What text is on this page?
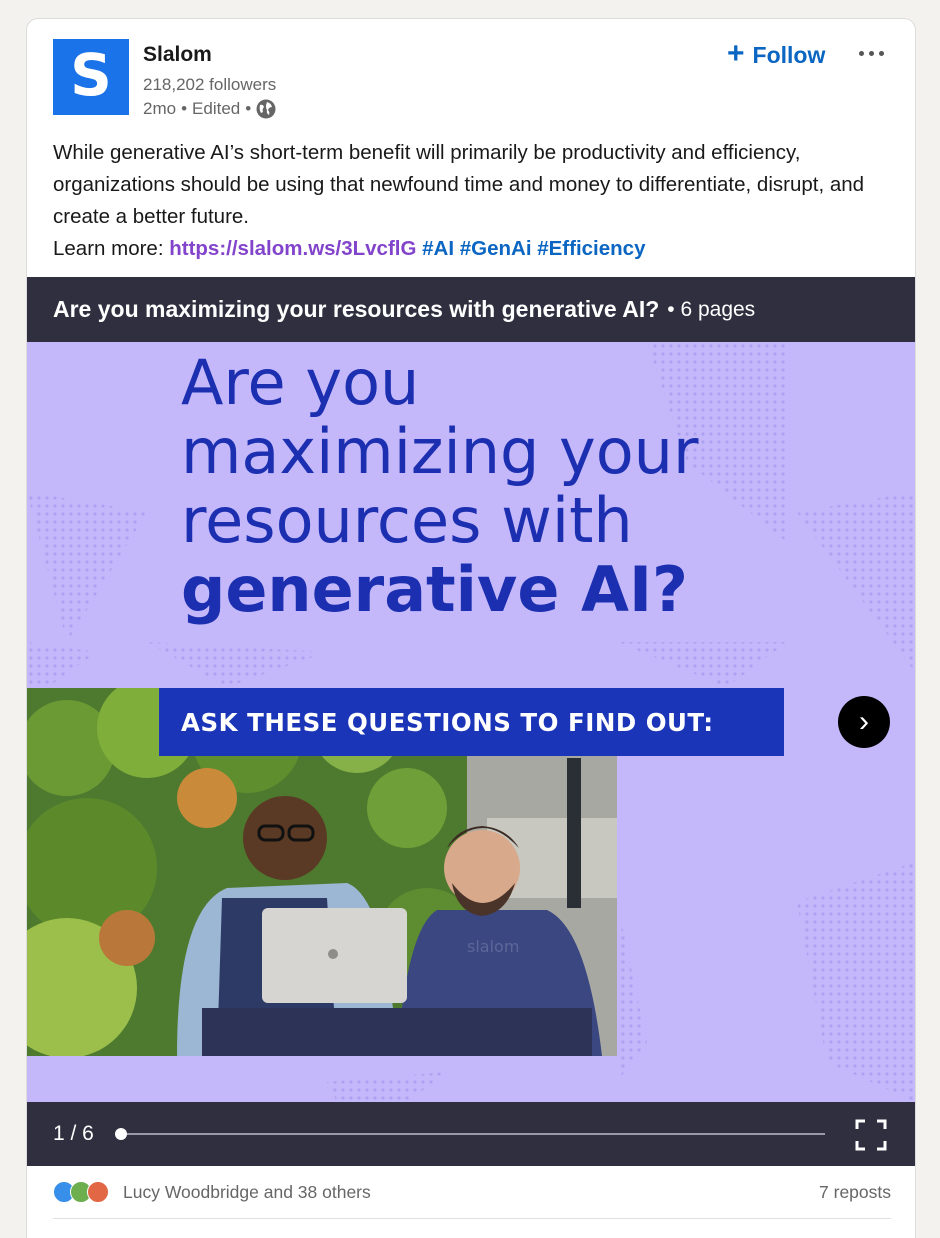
S Slalom
218,202 followers
2mo • Edited •
+ Follow
While generative AI’s short-term benefit will primarily be productivity and efficiency, organizations should be using that newfound time and money to differentiate, disrupt, and create a better future.
Learn more: https://slalom.ws/3LvcflG #AI #GenAi #Efficiency
Are you maximizing your resources with generative AI? • 6 pages
Are you
maximizing your
resources with
generative AI?
slalom
ASK THESE QUESTIONS TO FIND OUT:	›
1 / 6
Lucy Woodbridge and 38 others	7 reposts
